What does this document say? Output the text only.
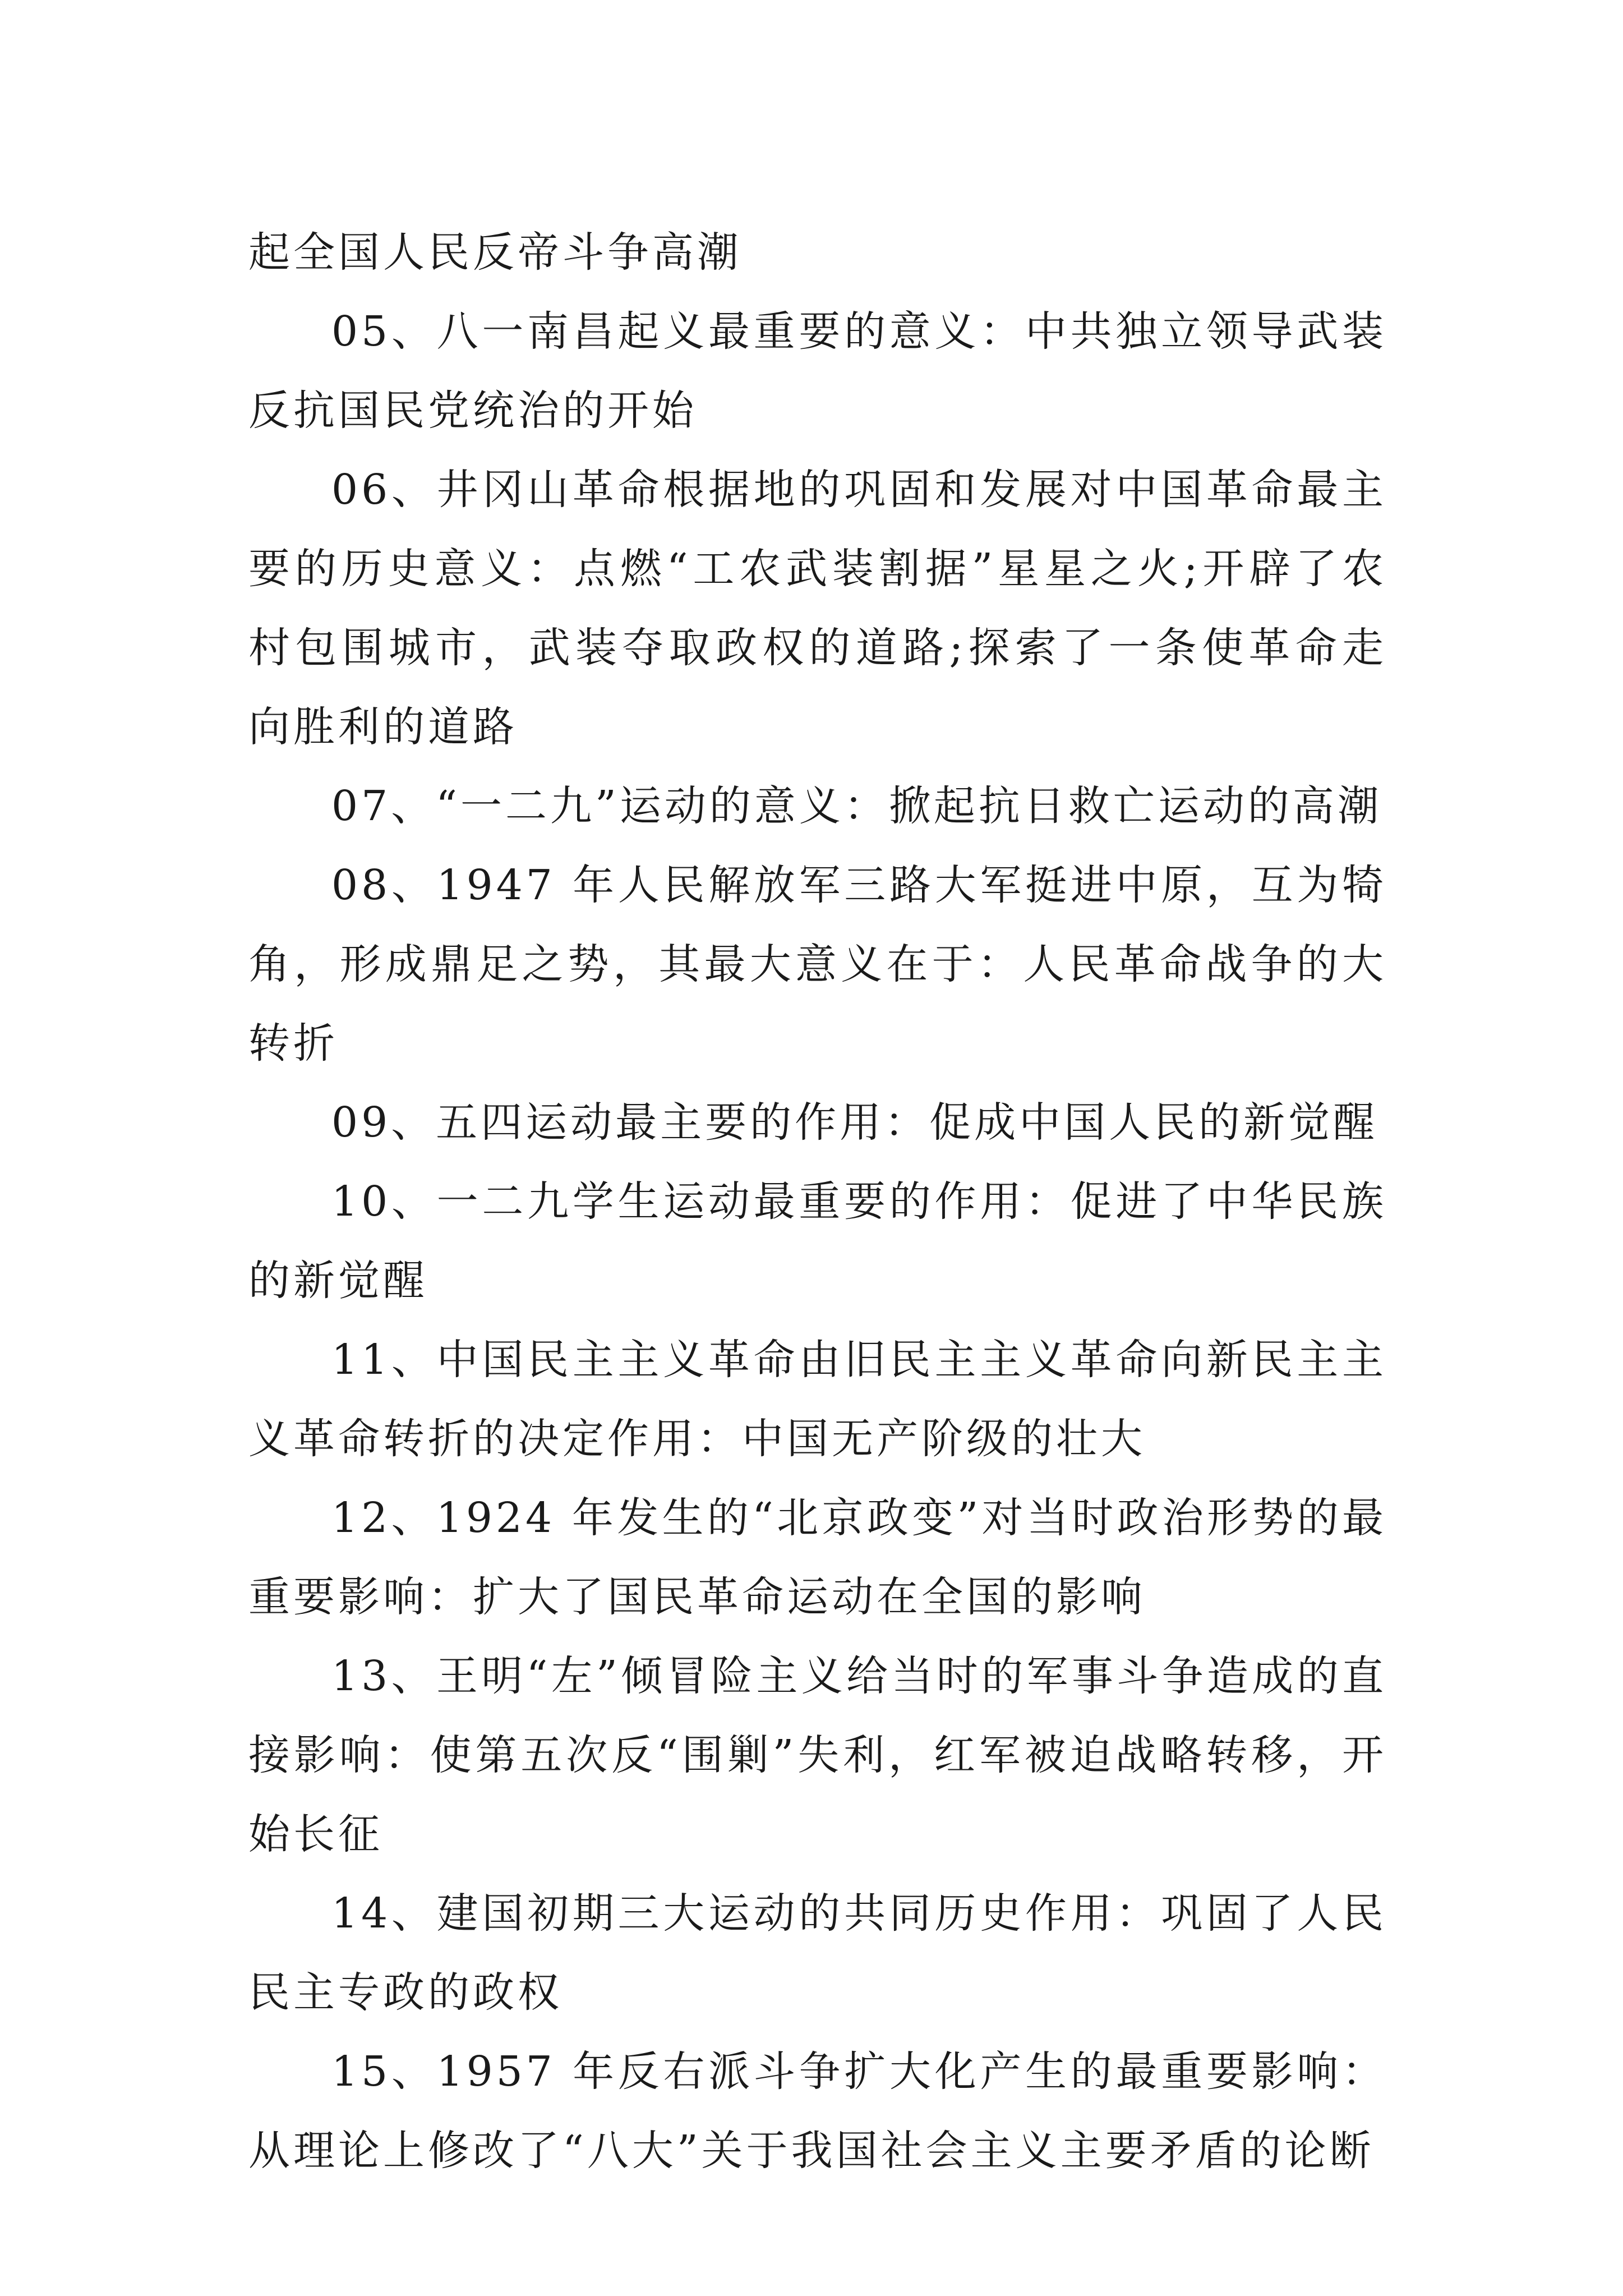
起全国人民反帝斗争高潮

05、八一南昌起义最重要的意义：中共独立领导武装反抗国民党统治的开始

06、井冈山革命根据地的巩固和发展对中国革命最主要的历史意义：点燃“工农武装割据”星星之火;开辟了农村包围城市，武装夺取政权的道路;探索了一条使革命走向胜利的道路

07、“一二九”运动的意义：掀起抗日救亡运动的高潮

08、1947 年人民解放军三路大军挺进中原，互为犄角，形成鼎足之势，其最大意义在于：人民革命战争的大转折

09、五四运动最主要的作用：促成中国人民的新觉醒

10、一二九学生运动最重要的作用：促进了中华民族的新觉醒

11、中国民主主义革命由旧民主主义革命向新民主主义革命转折的决定作用：中国无产阶级的壮大

12、1924 年发生的“北京政变”对当时政治形势的最重要影响：扩大了国民革命运动在全国的影响

13、王明“左”倾冒险主义给当时的军事斗争造成的直接影响：使第五次反“围剿”失利，红军被迫战略转移，开始长征

14、建国初期三大运动的共同历史作用：巩固了人民民主专政的政权

15、1957 年反右派斗争扩大化产生的最重要影响：从理论上修改了“八大”关于我国社会主义主要矛盾的论断
